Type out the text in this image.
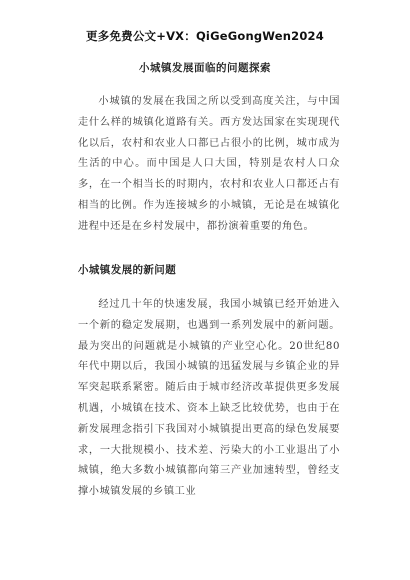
更多免费公文+VX：QiGeGongWen2024
小城镇发展面临的问题探索

小城镇的发展在我国之所以受到高度关注，与中国走什么样的城镇化道路有关。西方发达国家在实现现代化以后，农村和农业人口都已占很小的比例，城市成为生活的中心。而中国是人口大国，特别是农村人口众多，在一个相当长的时期内，农村和农业人口都还占有相当的比例。作为连接城乡的小城镇，无论是在城镇化进程中还是在乡村发展中，都扮演着重要的角色。

小城镇发展的新问题

经过几十年的快速发展，我国小城镇已经开始进入一个新的稳定发展期，也遇到一系列发展中的新问题。最为突出的问题就是小城镇的产业空心化。20世纪80年代中期以后，我国小城镇的迅猛发展与乡镇企业的异军突起联系紧密。随后由于城市经济改革提供更多发展机遇，小城镇在技术、资本上缺乏比较优势，也由于在新发展理念指引下我国对小城镇提出更高的绿色发展要求，一大批规模小、技术差、污染大的小工业退出了小城镇，绝大多数小城镇都向第三产业加速转型，曾经支撑小城镇发展的乡镇工业
